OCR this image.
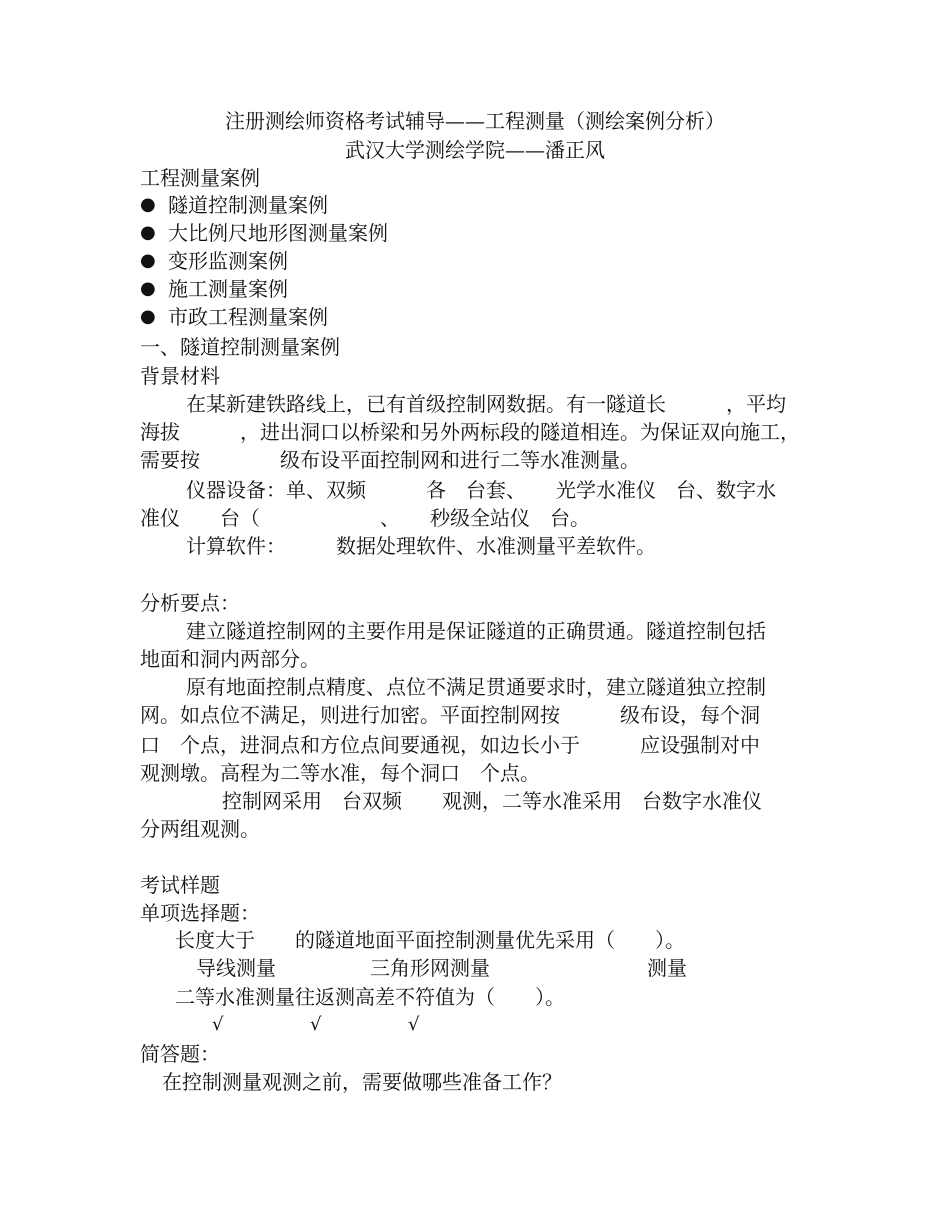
注册测绘师资格考试辅导——工程测量（测绘案例分析）
武汉大学测绘学院——潘正风
工程测量案例
● 隧道控制测量案例
● 大比例尺地形图测量案例
● 变形监测案例
● 施工测量案例
● 市政工程测量案例
一、隧道控制测量案例
背景材料
在某新建铁路线上，已有首级控制网数据。有一隧道长　　　，平均
海拔　　　，进出洞口以桥梁和另外两标段的隧道相连。为保证双向施工，
需要按　　　　级布设平面控制网和进行二等水准测量。
仪器设备：单、双频　　　各　台套、　　光学水准仪　台、数字水
准仪　　台（　　　　　　、　　秒级全站仪　台。
计算软件：　　　数据处理软件、水准测量平差软件。
分析要点：
建立隧道控制网的主要作用是保证隧道的正确贯通。隧道控制包括
地面和洞内两部分。
原有地面控制点精度、点位不满足贯通要求时，建立隧道独立控制
网。如点位不满足，则进行加密。平面控制网按　　　级布设，每个洞
口　个点，进洞点和方位点间要通视，如边长小于　　　应设强制对中
观测墩。高程为二等水准，每个洞口　个点。
控制网采用　台双频　　观测，二等水准采用　台数字水准仪
分两组观测。
考试样题
单项选择题：
长度大于　　的隧道地面平面控制测量优先采用（　　）。
导线测量	三角形网测量	测量
二等水准测量往返测高差不符值为（　　）。
√	√	√
简答题：
在控制测量观测之前，需要做哪些准备工作？
